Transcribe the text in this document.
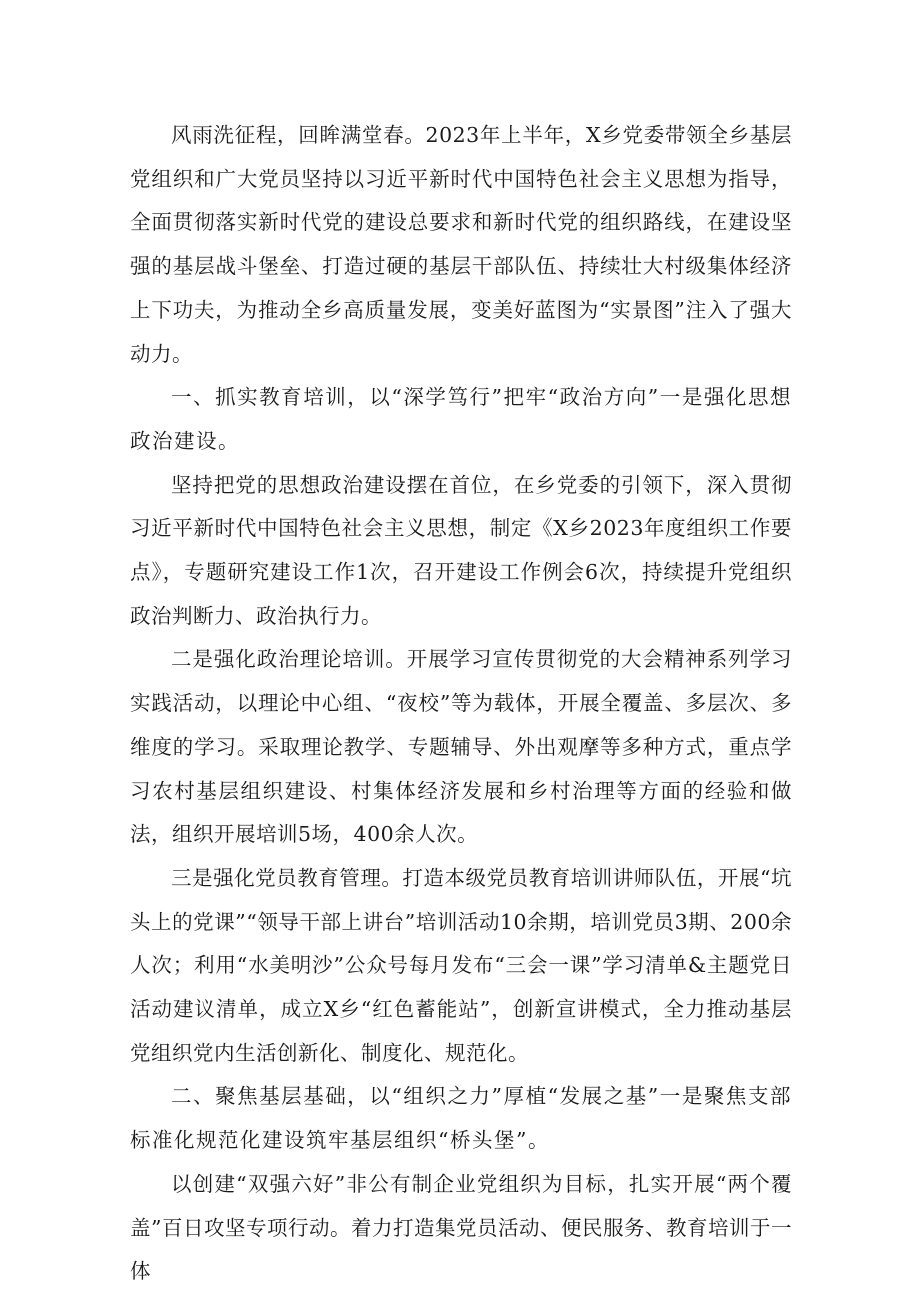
风雨洗征程，回眸满堂春。2023年上半年，X乡党委带领全乡基层党组织和广大党员坚持以习近平新时代中国特色社会主义思想为指导，全面贯彻落实新时代党的建设总要求和新时代党的组织路线，在建设坚强的基层战斗堡垒、打造过硬的基层干部队伍、持续壮大村级集体经济上下功夫，为推动全乡高质量发展，变美好蓝图为“实景图”注入了强大动力。

一、抓实教育培训，以“深学笃行”把牢“政治方向”一是强化思想政治建设。

坚持把党的思想政治建设摆在首位，在乡党委的引领下，深入贯彻习近平新时代中国特色社会主义思想，制定《X乡2023年度组织工作要点》，专题研究建设工作1次，召开建设工作例会6次，持续提升党组织政治判断力、政治执行力。

二是强化政治理论培训。开展学习宣传贯彻党的大会精神系列学习实践活动，以理论中心组、“夜校”等为载体，开展全覆盖、多层次、多维度的学习。采取理论教学、专题辅导、外出观摩等多种方式，重点学习农村基层组织建设、村集体经济发展和乡村治理等方面的经验和做法，组织开展培训5场，400余人次。

三是强化党员教育管理。打造本级党员教育培训讲师队伍，开展“坑头上的党课”“领导干部上讲台”培训活动10余期，培训党员3期、200余人次；利用“水美明沙”公众号每月发布“三会一课”学习清单&主题党日活动建议清单，成立X乡“红色蓄能站”，创新宣讲模式，全力推动基层党组织党内生活创新化、制度化、规范化。

二、聚焦基层基础，以“组织之力”厚植“发展之基”一是聚焦支部标准化规范化建设筑牢基层组织“桥头堡”。

以创建“双强六好”非公有制企业党组织为目标，扎实开展“两个覆盖”百日攻坚专项行动。着力打造集党员活动、便民服务、教育培训于一体
